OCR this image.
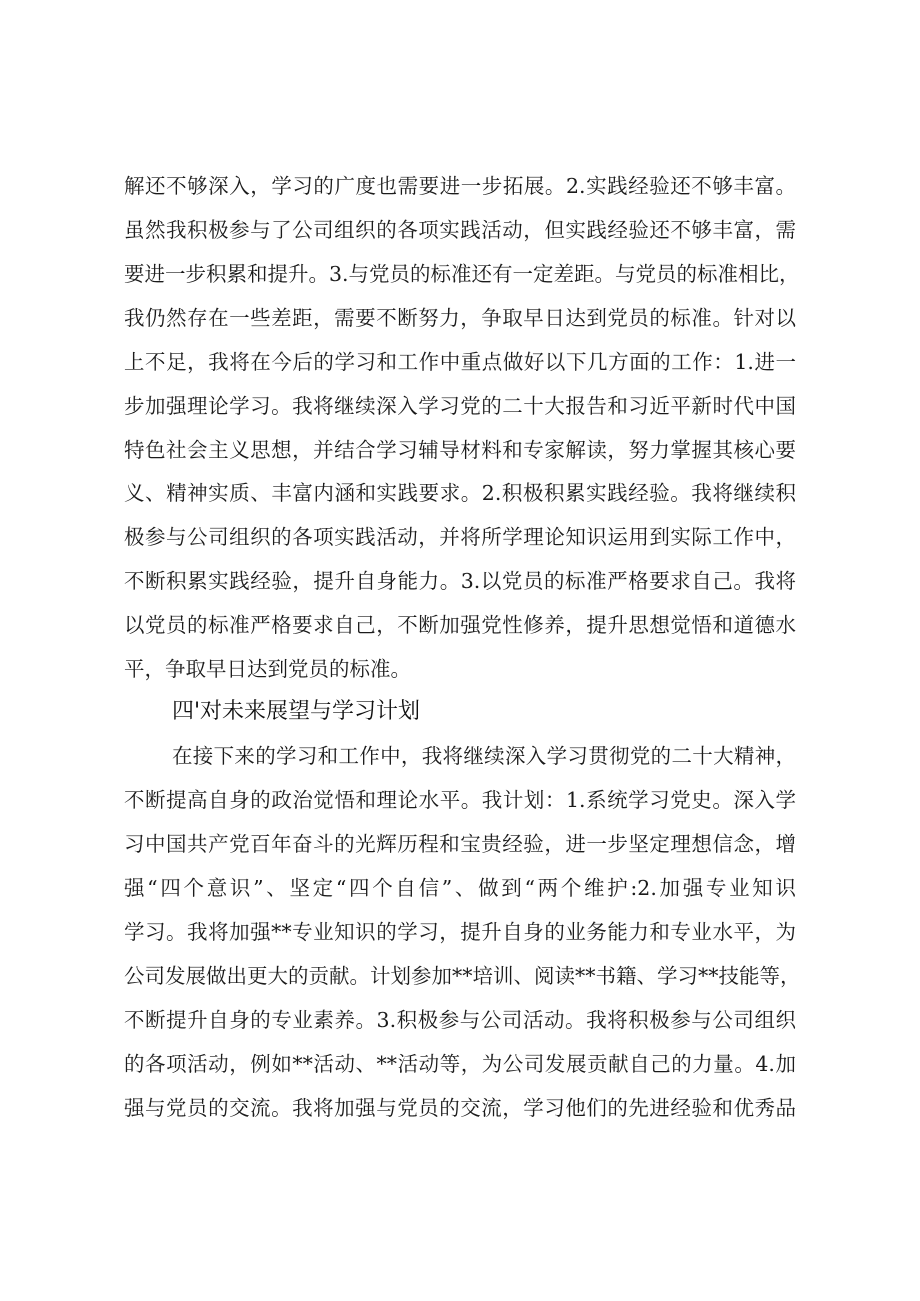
解还不够深入，学习的广度也需要进一步拓展。2.实践经验还不够丰富。
虽然我积极参与了公司组织的各项实践活动，但实践经验还不够丰富，需
要进一步积累和提升。3.与党员的标准还有一定差距。与党员的标准相比，
我仍然存在一些差距，需要不断努力，争取早日达到党员的标准。针对以
上不足，我将在今后的学习和工作中重点做好以下几方面的工作：1.进一
步加强理论学习。我将继续深入学习党的二十大报告和习近平新时代中国
特色社会主义思想，并结合学习辅导材料和专家解读，努力掌握其核心要
义、精神实质、丰富内涵和实践要求。2.积极积累实践经验。我将继续积
极参与公司组织的各项实践活动，并将所学理论知识运用到实际工作中，
不断积累实践经验，提升自身能力。3.以党员的标准严格要求自己。我将
以党员的标准严格要求自己，不断加强党性修养，提升思想觉悟和道德水
平，争取早日达到党员的标准。
四'对未来展望与学习计划
在接下来的学习和工作中，我将继续深入学习贯彻党的二十大精神，
不断提高自身的政治觉悟和理论水平。我计划：1.系统学习党史。深入学
习中国共产党百年奋斗的光辉历程和宝贵经验，进一步坚定理想信念，增
强“四个意识”、坚定“四个自信”、做到“两个维护:2.加强专业知识
学习。我将加强**专业知识的学习，提升自身的业务能力和专业水平，为
公司发展做出更大的贡献。计划参加**培训、阅读**书籍、学习**技能等，
不断提升自身的专业素养。3.积极参与公司活动。我将积极参与公司组织
的各项活动，例如**活动、**活动等，为公司发展贡献自己的力量。4.加
强与党员的交流。我将加强与党员的交流，学习他们的先进经验和优秀品
